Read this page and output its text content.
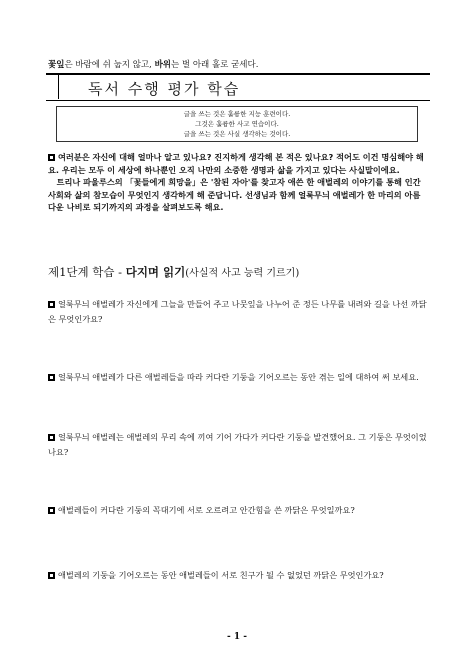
꽃잎은 바람에 쉬 눕지 않고, 바위는 벌 아래 홀로 굳세다.
독서 수행 평가 학습
글을 쓰는 것은 훌륭한 지능 훈련이다.
그것은 훌륭한 사고 연습이다.
글을 쓰는 것은 사실 생각하는 것이다.

여러분은 자신에 대해 얼마나 알고 있나요? 진지하게 생각해 본 적은 있나요? 적어도 이건 명심해야 해요. 우리는 모두 이 세상에 하나뿐인 오직 나만의 소중한 생명과 삶을 가지고 있다는 사실말이에요.

트리나 파울루스의 「꽃들에게 희망을」은 '참된 자아'를 찾고자 애쓴 한 애벌레의 이야기를 통해 인간 사회와 삶의 참모습이 무엇인지 생각하게 해 준답니다. 선생님과 함께 얼룩무늬 애벌레가 한 마리의 아름다운 나비로 되기까지의 과정을 살펴보도록 해요.

제1단계 학습 - 다지며 읽기(사실적 사고 능력 기르기)

얼룩무늬 애벌레가 자신에게 그늘을 만들어 주고 나뭇잎을 나누어 준 정든 나무를 내려와 길을 나선 까닭은 무엇인가요?

얼룩무늬 애벌레가 다른 애벌레들을 따라 커다란 기둥을 기어오르는 동안 겪는 일에 대하여 써 보세요.

얼룩무늬 애벌레는 애벌레의 무리 속에 끼여 기어 가다가 커다란 기둥을 발견했어요. 그 기둥은 무엇이었나요?

애벌레들이 커다란 기둥의 꼭대기에 서로 오르려고 안간힘을 쓴 까닭은 무엇일까요?

애벌레의 기둥을 기어오르는 동안 애벌레들이 서로 친구가 될 수 없었던 까닭은 무엇인가요?

- 1 -
